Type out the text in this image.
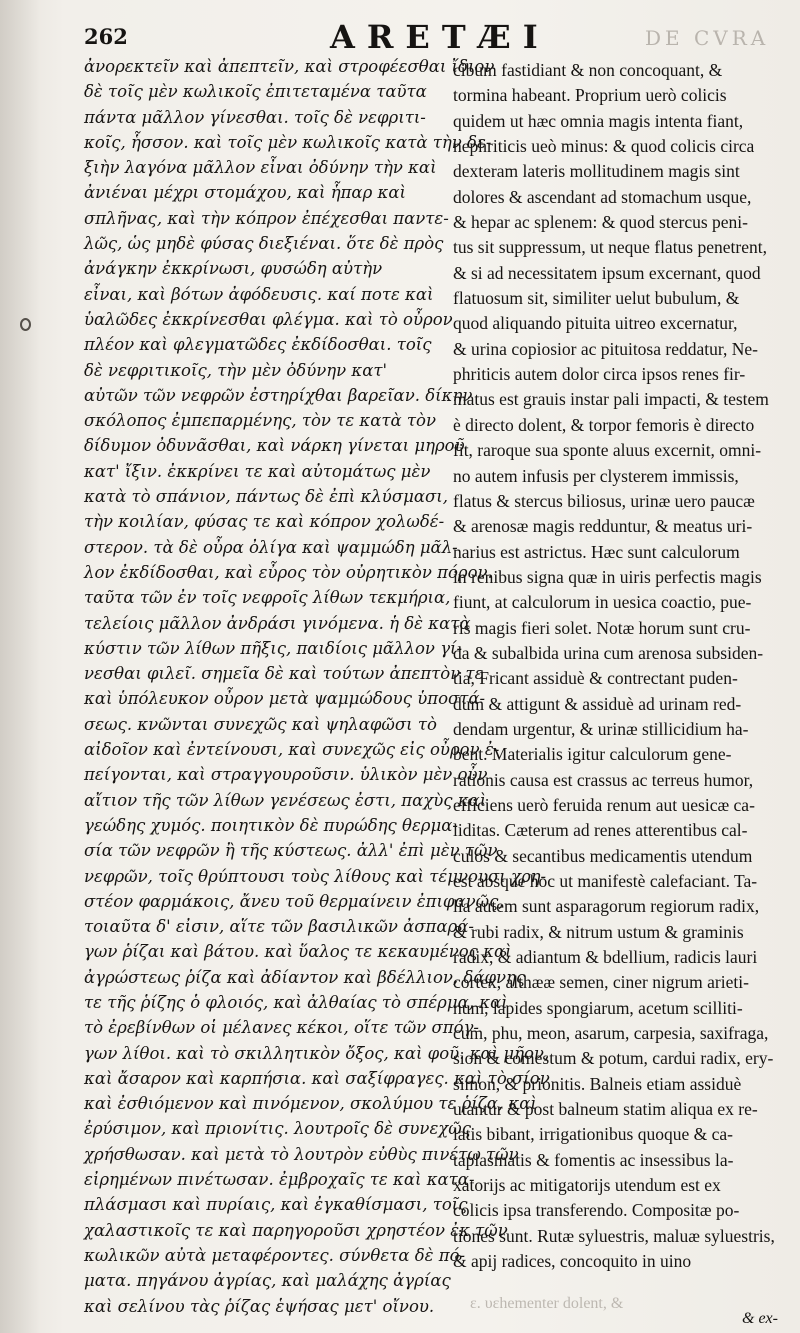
262	ARETÆI	DE CVRA
ἀνορεκτεῖν καὶ ἀπεπτεῖν, καὶ στροφέεσθαι ἴδιον
δὲ τοῖς μὲν κωλικοῖς ἐπιτεταμένα ταῦτα
πάντα μᾶλλον γίνεσθαι. τοῖς δὲ νεφριτι-
κοῖς, ἧσσον. καὶ τοῖς μὲν κωλικοῖς κατὰ τὴν δε-
ξιὴν λαγόνα μᾶλλον εἶναι ὀδύνην τὴν καὶ
ἀνιέναι μέχρι στομάχου, καὶ ἧπαρ καὶ
σπλῆνας, καὶ τὴν κόπρον ἐπέχεσθαι παντε-
λῶς, ὡς μηδὲ φύσας διεξιέναι. ὅτε δὲ πρὸς
ἀνάγκην ἐκκρίνωσι, φυσώδη αὐτὴν
εἶναι, καὶ βότων ἀφόδευσις. καί ποτε καὶ
ὑαλῶδες ἐκκρίνεσθαι φλέγμα. καὶ τὸ οὖρον
πλέον καὶ φλεγματῶδες ἐκδίδοσθαι. τοῖς
δὲ νεφριτικοῖς, τὴν μὲν ὀδύνην κατ'
αὐτῶν τῶν νεφρῶν ἐστηρίχθαι βαρεῖαν. δίκην
σκόλοπος ἐμπεπαρμένης, τὸν τε κατὰ τὸν
δίδυμον ὀδυνᾶσθαι, καὶ νάρκη γίνεται μηροῦ
κατ' ἴξιν. ἐκκρίνει τε καὶ αὐτομάτως μὲν
κατὰ τὸ σπάνιον, πάντως δὲ ἐπὶ κλύσμασι,
τὴν κοιλίαν, φύσας τε καὶ κόπρον χολωδέ-
στερον. τὰ δὲ οὖρα ὀλίγα καὶ ψαμμώδη μᾶλ-
λον ἐκδίδοσθαι, καὶ εὖρος τὸν οὐρητικὸν πόρον.
ταῦτα τῶν ἐν τοῖς νεφροῖς λίθων τεκμήρια,
τελείοις μᾶλλον ἀνδράσι γινόμενα. ἡ δὲ κατὰ
κύστιν τῶν λίθων πῆξις, παιδίοις μᾶλλον γί-
νεσθαι φιλεῖ. σημεῖα δὲ καὶ τούτων ἀπεπτὸν τε
καὶ ὑπόλευκον οὖρον μετὰ ψαμμώδους ὑποστά-
σεως. κνῶνται συνεχῶς καὶ ψηλαφῶσι τὸ
αἰδοῖον καὶ ἐντείνουσι, καὶ συνεχῶς εἰς οὖρον ἐ-
πείγονται, καὶ στραγγουροῦσιν. ὑλικὸν μὲν οὖν
αἴτιον τῆς τῶν λίθων γενέσεως ἐστι, παχὺς καὶ
γεώδης χυμός. ποιητικὸν δὲ πυρώδης θερμα-
σία τῶν νεφρῶν ἢ τῆς κύστεως. ἀλλ' ἐπὶ μὲν τῶν
νεφρῶν, τοῖς θρύπτουσι τοὺς λίθους καὶ τέμνουσι χρη-
στέον φαρμάκοις, ἄνευ τοῦ θερμαίνειν ἐπιφανῶς,
τοιαῦτα δ' εἰσιν, αἵτε τῶν βασιλικῶν ἀσπαρά-
γων ῥίζαι καὶ βάτου. καὶ ὕαλος τε κεκαυμένος καὶ
ἀγρώστεως ῥίζα καὶ ἀδίαντον καὶ βδέλλιον, δάφνης
τε τῆς ῥίζης ὁ φλοιός, καὶ ἀλθαίας τὸ σπέρμα, καὶ
τὸ ἐρεβίνθων οἱ μέλανες κέκοι, οἵτε τῶν σπόγ-
γων λίθοι. καὶ τὸ σκιλλητικὸν ὄξος, καὶ φοῦ. καὶ μῆον,
καὶ ἄσαρον καὶ καρπήσια. καὶ σαξίφραγες. καὶ τὸ σίον
καὶ ἐσθιόμενον καὶ πινόμενον, σκολύμου τε ῥίζα, καὶ
ἐρύσιμον, καὶ πριονίτις. λουτροῖς δὲ συνεχῶς
χρήσθωσαν. καὶ μετὰ τὸ λουτρὸν εὐθὺς πινέτω τῶν
εἰρημένων πινέτωσαν. ἐμβροχαῖς τε καὶ κατα-
πλάσμασι καὶ πυρίαις, καὶ ἐγκαθίσμασι, τοῖς
χαλαστικοῖς τε καὶ παρηγοροῦσι χρηστέον ἐκ τῶν
κωλικῶν αὐτὰ μεταφέροντες. σύνθετα δὲ πό-
ματα. πηγάνου ἀγρίας, καὶ μαλάχης ἀγρίας
καὶ σελίνου τὰς ῥίζας ἑψήσας μετ' οἴνου.
cibum fastidiant & non concoquant, &
tormina habeant. Proprium uerò colicis
quidem ut hæc omnia magis intenta fiant,
nephriticis ueò minus: & quod colicis circa
dexteram lateris mollitudinem magis sint
dolores & ascendant ad stomachum usque,
& hepar ac splenem: & quod stercus peni-
tus sit suppressum, ut neque flatus penetrent,
& si ad necessitatem ipsum excernant, quod
flatuosum sit, similiter uelut bubulum, &
quod aliquando pituita uitreo excernatur,
& urina copiosior ac pituitosa reddatur, Ne-
phriticis autem dolor circa ipsos renes fir-
matus est grauis instar pali impacti, & testem
è directo dolent, & torpor femoris è directo
fit, raroque sua sponte aluus excernit, omni-
no autem infusis per clysterem immissis,
flatus & stercus biliosus, urinæ uero paucæ
& arenosæ magis redduntur, & meatus uri-
narius est astrictus. Hæc sunt calculorum
in renibus signa quæ in uiris perfectis magis
fiunt, at calculorum in uesica coactio, pue-
ris magis fieri solet. Notæ horum sunt cru-
da & subalbida urina cum arenosa subsiden-
tia, Fricant assiduè & contrectant puden-
dum & attigunt & assiduè ad urinam red-
dendam urgentur, & urinæ stillicidium ha-
bent. Materialis igitur calculorum gene-
rationis causa est crassus ac terreus humor,
efficiens uerò feruida renum aut uesicæ ca-
liditas. Cæterum ad renes atterentibus cal-
culos & secantibus medicamentis utendum
est absque hoc ut manifestè calefaciant. Ta-
lia autem sunt asparagorum regiorum radix,
& rubi radix, & nitrum ustum & graminis
radix, & adiantum & bdellium, radicis lauri
cortex, althææ semen, ciner nigrum arieti-
num, lapides spongiarum, acetum scilliti-
cum, phu, meon, asarum, carpesia, saxifraga,
sion & comestum & potum, cardui radix, ery-
simon, & prionitis. Balneis etiam assiduè
utantur & post balneum statim aliqua ex re-
latis bibant, irrigationibus quoque & ca-
taplasmatis & fomentis ac insessibus la-
xatorijs ac mitigatorijs utendum est ex
colicis ipsa transferendo. Compositæ po-
tiones sunt. Rutæ syluestris, maluæ syluestris,
& apij radices, concoquito in uino
ε. υεhementer dolent, &
& ex-
